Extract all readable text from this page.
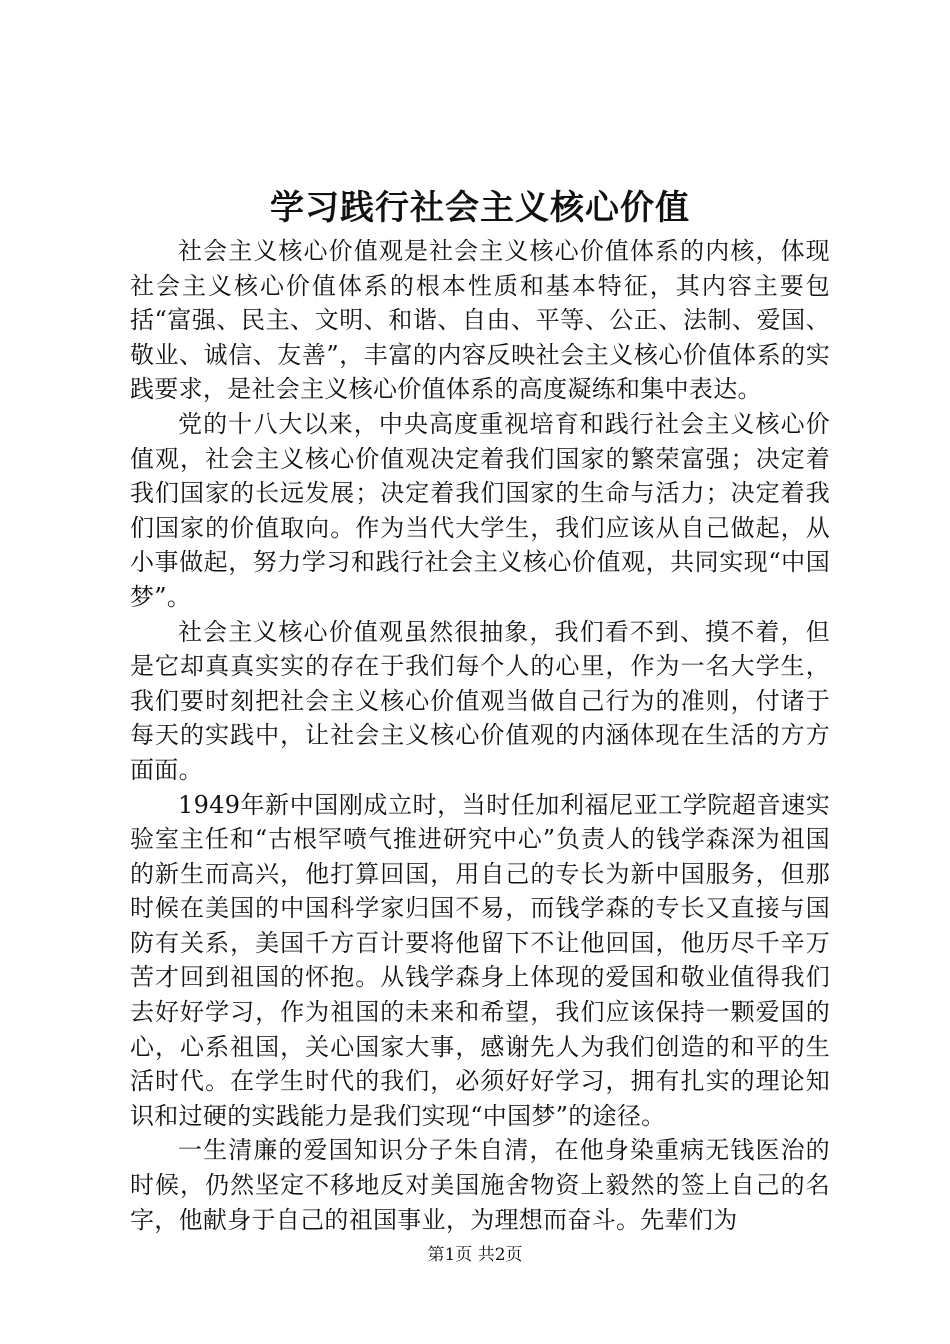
学习践行社会主义核心价值

社会主义核心价值观是社会主义核心价值体系的内核，体现社会主义核心价值体系的根本性质和基本特征，其内容主要包括“富强、民主、文明、和谐、自由、平等、公正、法制、爱国、敬业、诚信、友善”，丰富的内容反映社会主义核心价值体系的实践要求，是社会主义核心价值体系的高度凝练和集中表达。

党的十八大以来，中央高度重视培育和践行社会主义核心价值观，社会主义核心价值观决定着我们国家的繁荣富强；决定着我们国家的长远发展；决定着我们国家的生命与活力；决定着我们国家的价值取向。作为当代大学生，我们应该从自己做起，从小事做起，努力学习和践行社会主义核心价值观，共同实现“中国梦”。

社会主义核心价值观虽然很抽象，我们看不到、摸不着，但是它却真真实实的存在于我们每个人的心里，作为一名大学生，我们要时刻把社会主义核心价值观当做自己行为的准则，付诸于每天的实践中，让社会主义核心价值观的内涵体现在生活的方方面面。

1949年新中国刚成立时，当时任加利福尼亚工学院超音速实验室主任和“古根罕喷气推进研究中心”负责人的钱学森深为祖国的新生而高兴，他打算回国，用自己的专长为新中国服务，但那时候在美国的中国科学家归国不易，而钱学森的专长又直接与国防有关系，美国千方百计要将他留下不让他回国，他历尽千辛万苦才回到祖国的怀抱。从钱学森身上体现的爱国和敬业值得我们去好好学习，作为祖国的未来和希望，我们应该保持一颗爱国的心，心系祖国，关心国家大事，感谢先人为我们创造的和平的生活时代。在学生时代的我们，必须好好学习，拥有扎实的理论知识和过硬的实践能力是我们实现“中国梦”的途径。

一生清廉的爱国知识分子朱自清，在他身染重病无钱医治的时候，仍然坚定不移地反对美国施舍物资上毅然的签上自己的名字，他献身于自己的祖国事业，为理想而奋斗。先辈们为

第1页 共2页
